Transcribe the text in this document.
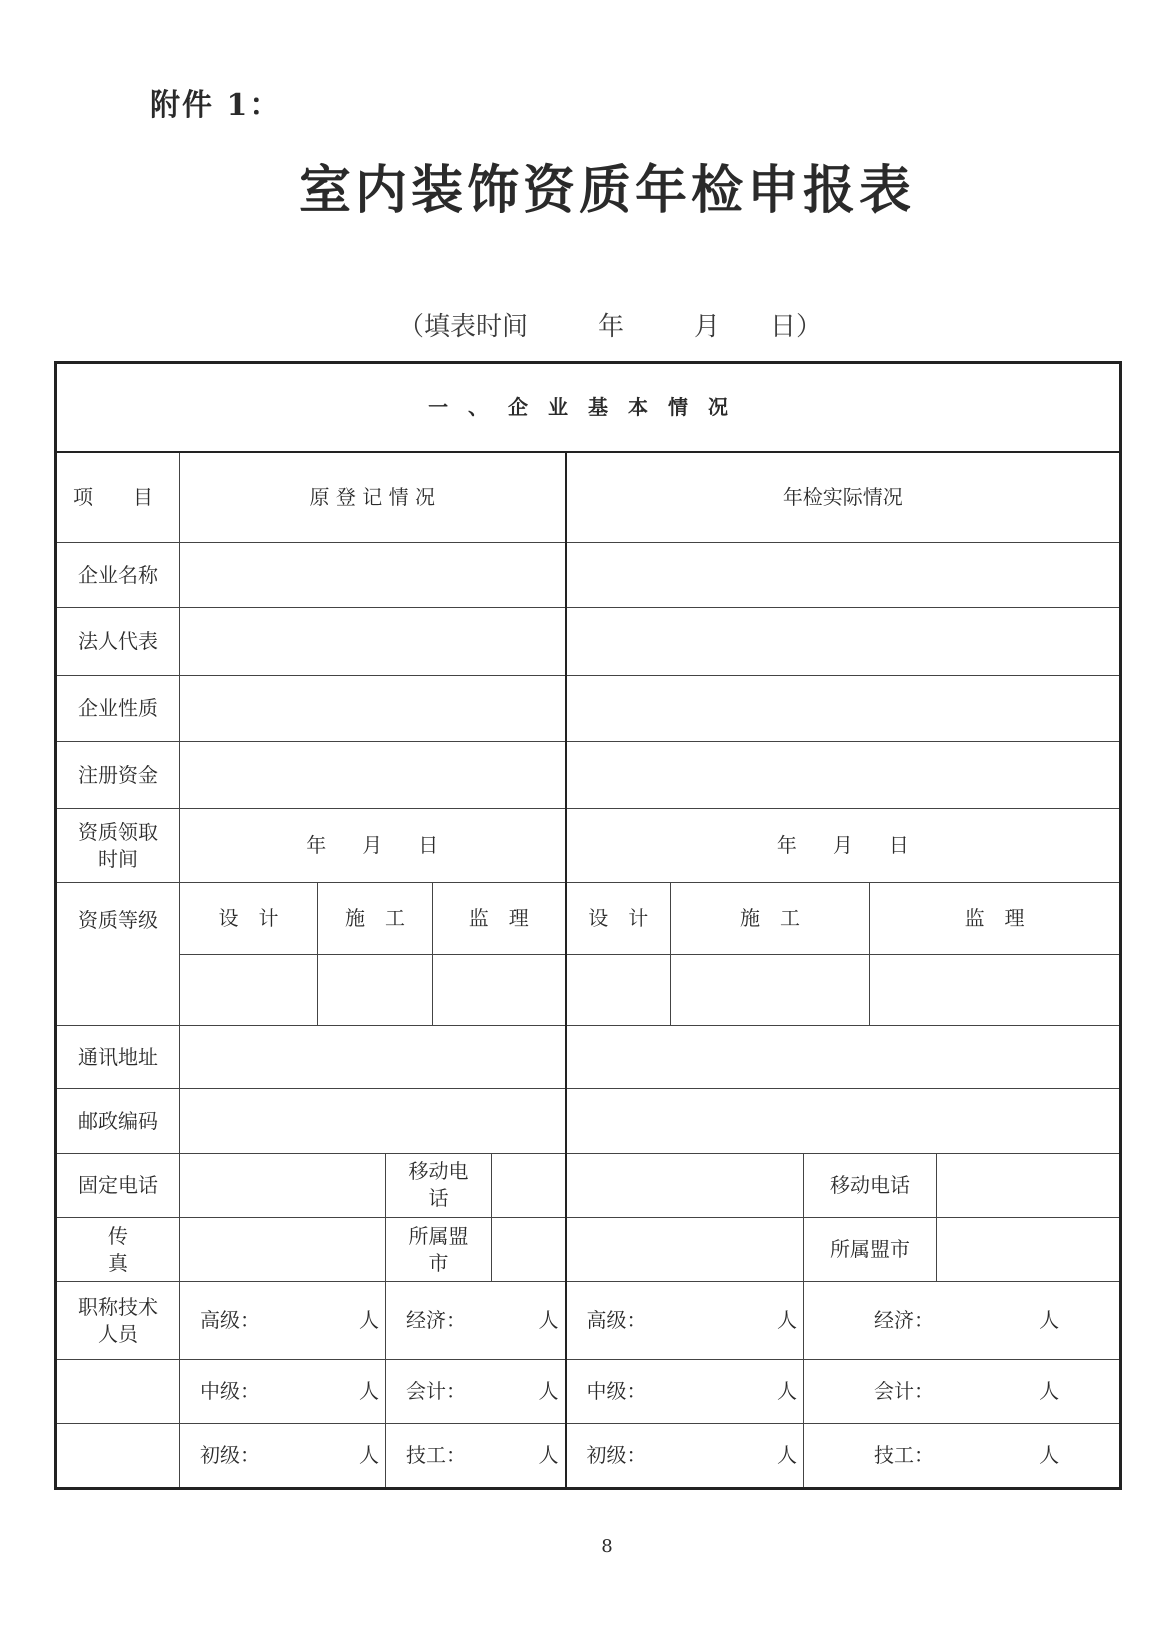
附件 1：
室内装饰资质年检申报表
（填表时间	年	月 日）
一、企业基本情况										
项　目	原 登 记 情 况					年检实际情况				
企业名称										
法人代表										
企业性质										
注册资金										
资质领取时间	年 月 日					年 月 日				
资质等级	设　计	施　工		监　理		设　计	施　工		监　理	

通讯地址										
邮政编码										
固定电话			移动电话					移动电话		
传　真			所属盟市					所属盟市		
职称技术人员	高级： 人		经济： 人			高级： 人		经济： 人		

	中级： 人		会计： 人			中级： 人		会计： 人		

	初级： 人		技工： 人			初级： 人		技工： 人		
8
